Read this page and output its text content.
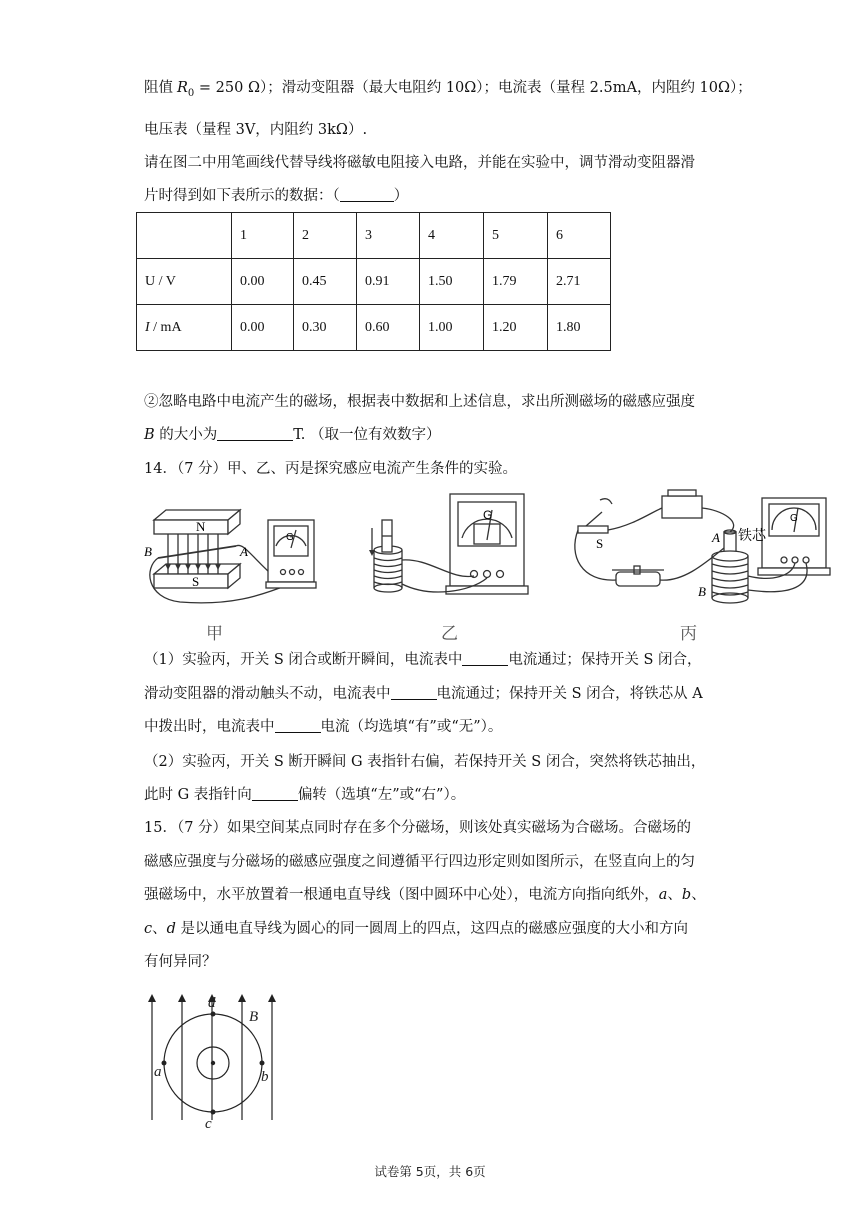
阻值 $R_0 = 250$ Ω）；滑动变阻器（最大电阻约 10Ω）；电流表（量程 2.5mA，内阻约 10Ω）；
电压表（量程 3V，内阻约 3kΩ）.
请在图二中用笔画线代替导线将磁敏电阻接入电路，并能在实验中，调节滑动变阻器滑
片时得到如下表所示的数据：（	）
	1	2	3	4	5	6
U / V	0.00	0.45	0.91	1.50	1.79	2.71
I / mA	0.00	0.30	0.60	1.00	1.20	1.80
②忽略电路中电流产生的磁场，根据表中数据和上述信息，求出所测磁场的磁感应强度
B 的大小为	T. （取一位有效数字）
14．（7 分）甲、乙、丙是探究感应电流产生条件的实验。
N
S
B	A
G
G
S	A
B
铁芯
G
甲	乙	丙
（1）实验丙，开关 S 闭合或断开瞬间，电流表中	电流通过；保持开关 S 闭合，
滑动变阻器的滑动触头不动，电流表中	电流通过；保持开关 S 闭合，将铁芯从 A
中拨出时，电流表中	电流（均选填“有”或“无”）。
（2）实验丙，开关 S 断开瞬间 G 表指针右偏，若保持开关 S 闭合，突然将铁芯抽出，
此时 G 表指针向	偏转（选填“左”或“右”）。
15．（7 分）如果空间某点同时存在多个分磁场，则该处真实磁场为合磁场。合磁场的
磁感应强度与分磁场的磁感应强度之间遵循平行四边形定则如图所示，在竖直向上的匀
强磁场中，水平放置着一根通电直导线（图中圆环中心处），电流方向指向纸外，a、b、
c、d 是以通电直导线为圆心的同一圆周上的四点，这四点的磁感应强度的大小和方向
有何异同？
d
a	b
c
B
试卷第 5页，共 6页
